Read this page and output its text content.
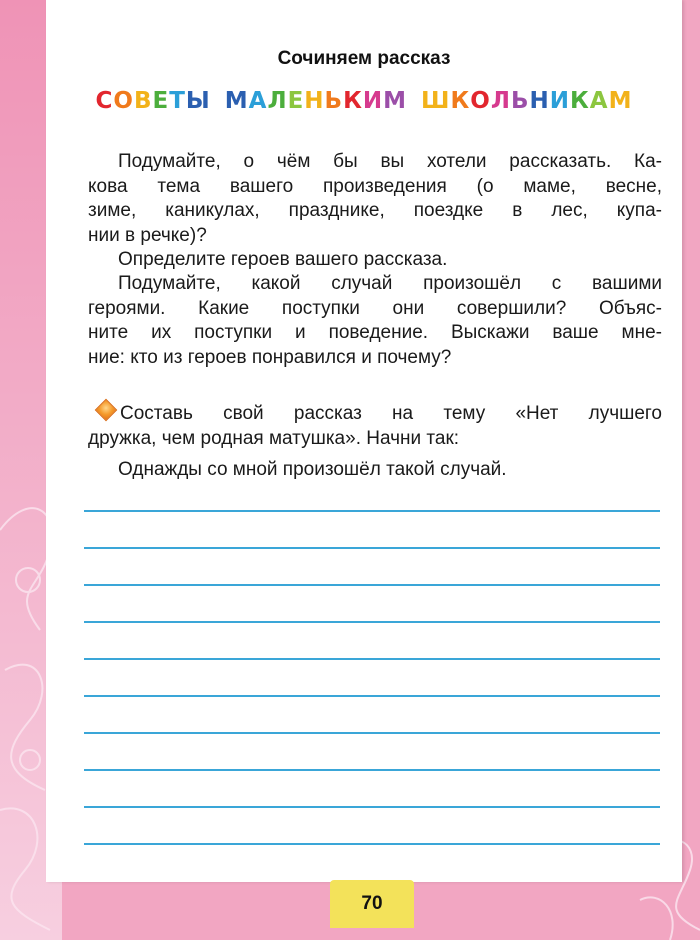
Сочиняем рассказ
СОВЕТЫ МАЛЕНЬКИМ ШКОЛЬНИКАМ
Подумайте, о чём бы вы хотели рассказать. Ка-
кова тема вашего произведения (о маме, весне,
зиме, каникулах, празднике, поездке в лес, купа-
нии в речке)?
Определите героев вашего рассказа.
Подумайте, какой случай произошёл с вашими
героями. Какие поступки они совершили? Объяс-
ните их поступки и поведение. Выскажи ваше мне-
ние: кто из героев понравился и почему?
Составь свой рассказ на тему «Нет лучшего
дружка, чем родная матушка». Начни так:
Однажды со мной произошёл такой случай.
70
